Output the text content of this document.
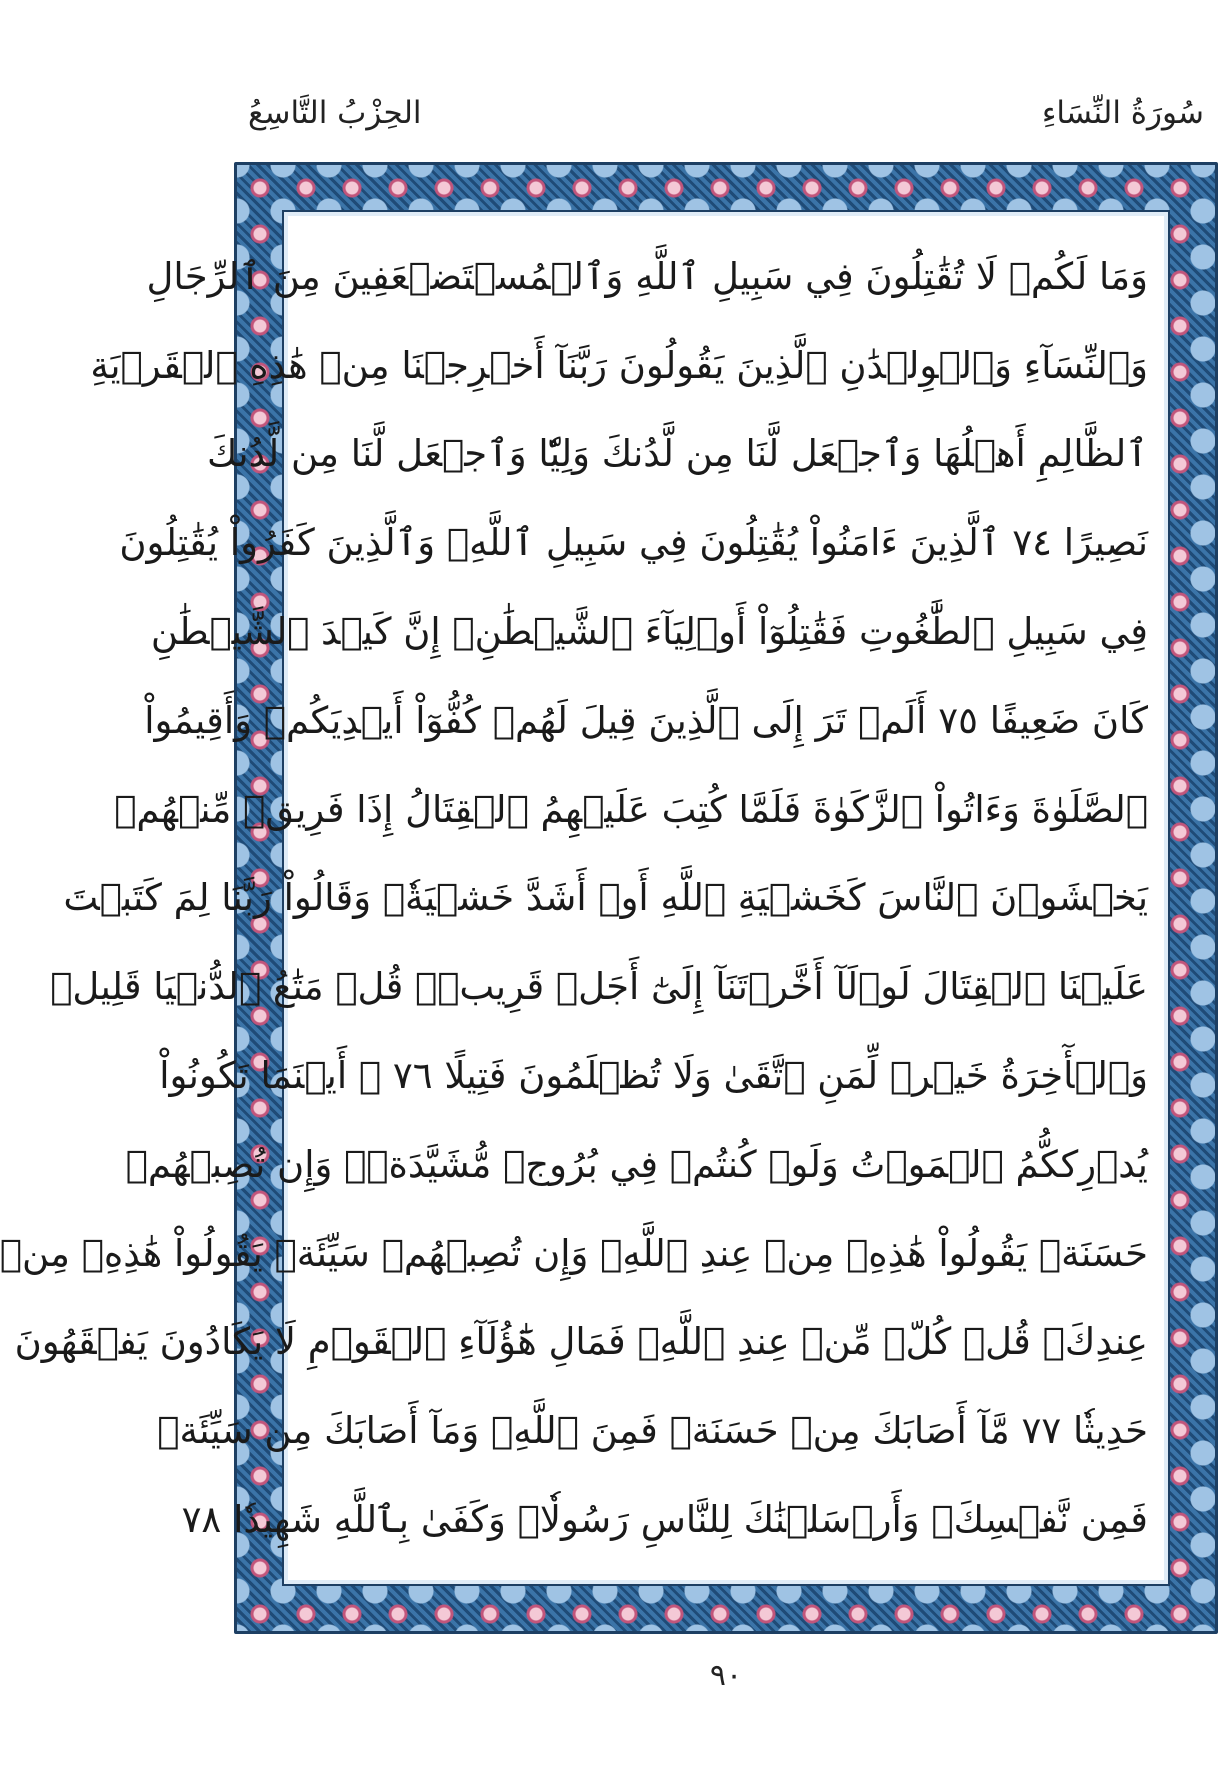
سُورَةُ النِّسَاءِ
الحِزْبُ التَّاسِعُ
وَمَا لَكُمۡ لَا تُقَٰتِلُونَ فِي سَبِيلِ ٱللَّهِ وَٱلۡمُسۡتَضۡعَفِينَ مِنَ ٱلرِّجَالِ
وَٱلنِّسَآءِ وَٱلۡوِلۡدَٰنِ ٱلَّذِينَ يَقُولُونَ رَبَّنَآ أَخۡرِجۡنَا مِنۡ هَٰذِهِ ٱلۡقَرۡيَةِ
ٱلظَّالِمِ أَهۡلُهَا وَٱجۡعَل لَّنَا مِن لَّدُنكَ وَلِيّٗا وَٱجۡعَل لَّنَا مِن لَّدُنكَ
نَصِيرًا ٧٤ ٱلَّذِينَ ءَامَنُواْ يُقَٰتِلُونَ فِي سَبِيلِ ٱللَّهِۖ وَٱلَّذِينَ كَفَرُواْ يُقَٰتِلُونَ
فِي سَبِيلِ ٱلطَّٰغُوتِ فَقَٰتِلُوٓاْ أَوۡلِيَآءَ ٱلشَّيۡطَٰنِۖ إِنَّ كَيۡدَ ٱلشَّيۡطَٰنِ
كَانَ ضَعِيفًا ٧٥ أَلَمۡ تَرَ إِلَى ٱلَّذِينَ قِيلَ لَهُمۡ كُفُّوٓاْ أَيۡدِيَكُمۡ وَأَقِيمُواْ
ٱلصَّلَوٰةَ وَءَاتُواْ ٱلزَّكَوٰةَ فَلَمَّا كُتِبَ عَلَيۡهِمُ ٱلۡقِتَالُ إِذَا فَرِيقٞ مِّنۡهُمۡ
يَخۡشَوۡنَ ٱلنَّاسَ كَخَشۡيَةِ ٱللَّهِ أَوۡ أَشَدَّ خَشۡيَةٗۚ وَقَالُواْ رَبَّنَا لِمَ كَتَبۡتَ
عَلَيۡنَا ٱلۡقِتَالَ لَوۡلَآ أَخَّرۡتَنَآ إِلَىٰٓ أَجَلٖ قَرِيبٖۗ قُلۡ مَتَٰعُ ٱلدُّنۡيَا قَلِيلٞ
وَٱلۡأٓخِرَةُ خَيۡرٞ لِّمَنِ ٱتَّقَىٰ وَلَا تُظۡلَمُونَ فَتِيلًا ٧٦ ۞ أَيۡنَمَا تَكُونُواْ
يُدۡرِككُّمُ ٱلۡمَوۡتُ وَلَوۡ كُنتُمۡ فِي بُرُوجٖ مُّشَيَّدَةٖۗ وَإِن تُصِبۡهُمۡ
حَسَنَةٞ يَقُولُواْ هَٰذِهِۦ مِنۡ عِندِ ٱللَّهِۖ وَإِن تُصِبۡهُمۡ سَيِّئَةٞ يَقُولُواْ هَٰذِهِۦ مِنۡ
عِندِكَۚ قُلۡ كُلّٞ مِّنۡ عِندِ ٱللَّهِۖ فَمَالِ هَٰٓؤُلَآءِ ٱلۡقَوۡمِ لَا يَكَادُونَ يَفۡقَهُونَ
حَدِيثٗا ٧٧ مَّآ أَصَابَكَ مِنۡ حَسَنَةٖ فَمِنَ ٱللَّهِۖ وَمَآ أَصَابَكَ مِن سَيِّئَةٖ
فَمِن نَّفۡسِكَۚ وَأَرۡسَلۡنَٰكَ لِلنَّاسِ رَسُولٗاۚ وَكَفَىٰ بِٱللَّهِ شَهِيدٗا ٧٨
٩٠
